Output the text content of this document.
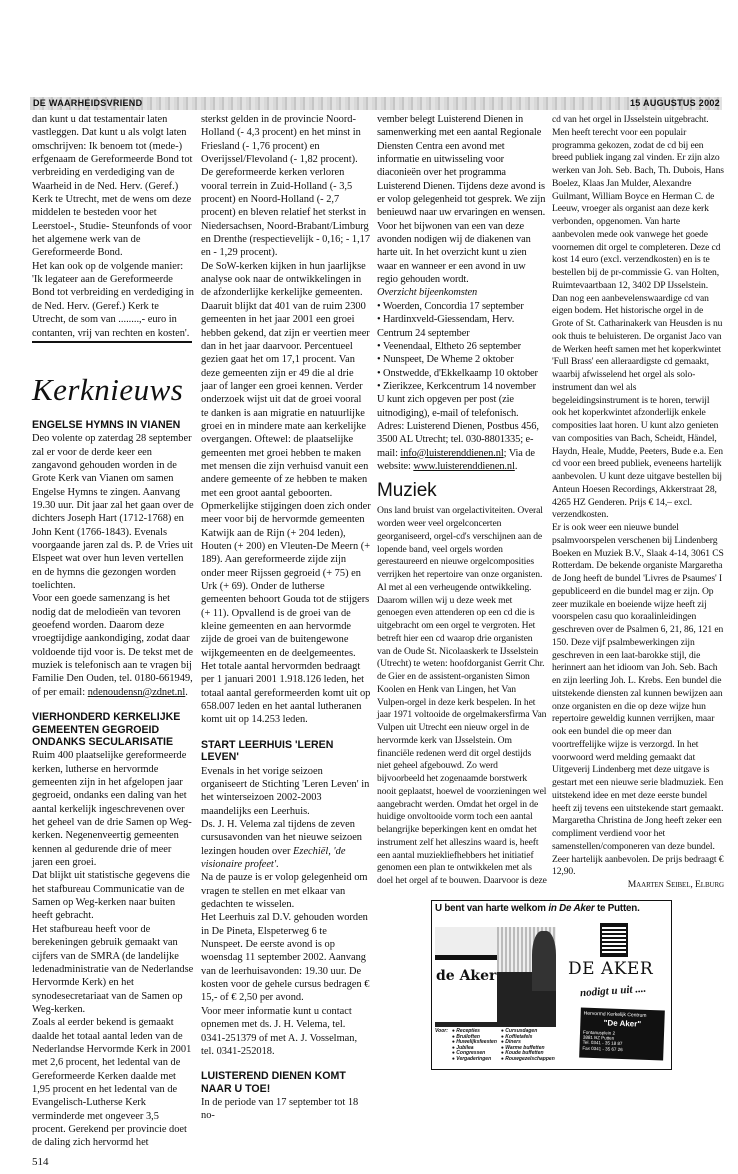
DE WAARHEIDSVRIEND	15 AUGUSTUS 2002

dan kunt u dat testamentair laten vastleggen. Dat kunt u als volgt laten omschrijven: Ik benoem tot (mede-) erfgenaam de Gereformeerde Bond tot verbreiding en verdediging van de Waarheid in de Ned. Herv. (Geref.) Kerk te Utrecht, met de wens om deze middelen te besteden voor het Leerstoel-, Studie- Steunfonds of voor het algemene werk van de Gereformeerde Bond.

Het kan ook op de volgende manier: 'Ik legateer aan de Gereformeerde Bond tot verbreiding en verdediging in de Ned. Herv. (Geref.) Kerk te Utrecht, de som van ........,- euro in contanten, vrij van rechten en kosten'.

Kerknieuws
ENGELSE HYMNS IN VIANEN

Deo volente op zaterdag 28 september zal er voor de derde keer een zangavond gehouden worden in de Grote Kerk van Vianen om samen Engelse Hymns te zingen. Aanvang 19.30 uur. Dit jaar zal het gaan over de dichters Joseph Hart (1712-1768) en John Kent (1766-1843). Evenals voorgaande jaren zal ds. P. de Vries uit Elspeet wat over hun leven vertellen en de hymns die gezongen worden toelichten.

Voor een goede samenzang is het nodig dat de melodieën van tevoren geoefend worden. Daarom deze vroegtijdige aankondiging, zodat daar voldoende tijd voor is. De tekst met de muziek is telefonisch aan te vragen bij Familie Den Ouden, tel. 0180-661949, of per email: ndenoudensn@zdnet.nl.

VIERHONDERD KERKELIJKE GEMEENTEN GEGROEID ONDANKS SECULARISATIE

Ruim 400 plaatselijke gereformeerde kerken, lutherse en hervormde gemeenten zijn in het afgelopen jaar gegroeid, ondanks een daling van het aantal kerkelijk ingeschrevenen over het geheel van de drie Samen op Weg-kerken. Negenenveertig gemeenten kennen al gedurende drie of meer jaren een groei.

Dat blijkt uit statistische gegevens die het stafbureau Communicatie van de Samen op Weg-kerken naar buiten heeft gebracht.

Het stafbureau heeft voor de berekeningen gebruik gemaakt van cijfers van de SMRA (de landelijke ledenadministratie van de Nederlandse Hervormde Kerk) en het synodesecretariaat van de Samen op Weg-kerken.

Zoals al eerder bekend is gemaakt daalde het totaal aantal leden van de Nederlandse Hervormde Kerk in 2001 met 2,6 procent, het ledental van de Gereformeerde Kerken daalde met 1,95 procent en het ledental van de Evangelisch-Lutherse Kerk verminderde met ongeveer 3,5 procent. Gerekend per provincie doet de daling zich hervormd het

sterkst gelden in de provincie Noord-Holland (- 4,3 procent) en het minst in Friesland (- 1,76 procent) en Overijssel/Flevoland (- 1,82 procent). De gereformeerde kerken verloren vooral terrein in Zuid-Holland (- 3,5 procent) en Noord-Holland (- 2,7 procent) en bleven relatief het sterkst in Niedersachsen, Noord-Brabant/Limburg en Drenthe (respectievelijk - 0,16; - 1,17 en - 1,29 procent).

De SoW-kerken kijken in hun jaarlijkse analyse ook naar de ontwikkelingen in de afzonderlijke kerkelijke gemeenten. Daaruit blijkt dat 401 van de ruim 2300 gemeenten in het jaar 2001 een groei hebben gekend, dat zijn er veertien meer dan in het jaar daarvoor. Percentueel gezien gaat het om 17,1 procent. Van deze gemeenten zijn er 49 die al drie jaar of langer een groei kennen. Verder onderzoek wijst uit dat de groei vooral te danken is aan migratie en natuurlijke groei en in mindere mate aan kerkelijke overgangen. Oftewel: de plaatselijke gemeenten met groei hebben te maken met mensen die zijn verhuisd vanuit een andere gemeente of ze hebben te maken met een groot aantal geboorten.

Opmerkelijke stijgingen doen zich onder meer voor bij de hervormde gemeenten Katwijk aan de Rijn (+ 204 leden), Houten (+ 200) en Vleuten-De Meern (+ 189). Aan gereformeerde zijde zijn onder meer Rijssen gegroeid (+ 75) en Urk (+ 69). Onder de lutherse gemeenten behoort Gouda tot de stijgers (+ 11). Opvallend is de groei van de kleine gemeenten en aan hervormde zijde de groei van de buitengewone wijkgemeenten en de deelgemeentes.

Het totale aantal hervormden bedraagt per 1 januari 2001 1.918.126 leden, het totaal aantal gereformeerden komt uit op 658.007 leden en het aantal lutheranen komt uit op 14.253 leden.

START LEERHUIS 'LEREN LEVEN'

Evenals in het vorige seizoen organiseert de Stichting 'Leren Leven' in het winterseizoen 2002-2003 maandelijks een Leerhuis.

Ds. J. H. Velema zal tijdens de zeven cursusavonden van het nieuwe seizoen lezingen houden over Ezechiël, 'de visionaire profeet'.

Na de pauze is er volop gelegenheid om vragen te stellen en met elkaar van gedachten te wisselen.

Het Leerhuis zal D.V. gehouden worden in De Pineta, Elspeterweg 6 te Nunspeet. De eerste avond is op woensdag 11 september 2002. Aanvang van de leerhuisavonden: 19.30 uur. De kosten voor de gehele cursus bedragen € 15,- of € 2,50 per avond.

Voor meer informatie kunt u contact opnemen met ds. J. H. Velema, tel. 0341-251379 of met A. J. Vosselman, tel. 0341-252018.

LUISTEREND DIENEN KOMT NAAR U TOE!

In de periode van 17 september tot 18 no-

vember belegt Luisterend Dienen in samenwerking met een aantal Regionale Diensten Centra een avond met informatie en uitwisseling voor diaconieën over het programma Luisterend Dienen. Tijdens deze avond is er volop gelegenheid tot gesprek. We zijn benieuwd naar uw ervaringen en wensen.

Voor het bijwonen van een van deze avonden nodigen wij de diakenen van harte uit. In het overzicht kunt u zien waar en wanneer er een avond in uw regio gehouden wordt.

Overzicht bijeenkomsten

• Woerden, Concordia 17 september

• Hardinxveld-Giessendam, Herv. Centrum 24 september

• Veenendaal, Eltheto 26 september

• Nunspeet, De Wheme 2 oktober

• Onstwedde, d'Ekkelkaamp 10 oktober

• Zierikzee, Kerkcentrum 14 november

U kunt zich opgeven per post (zie uitnodiging), e-mail of telefonisch. Adres: Luisterend Dienen, Postbus 456, 3500 AL Utrecht; tel. 030-8801335; e-mail: info@luisterenddienen.nl; Via de website: www.luisterenddienen.nl.

Muziek

Ons land bruist van orgelactiviteiten. Overal worden weer veel orgelconcerten georganiseerd, orgel-cd's verschijnen aan de lopende band, veel orgels worden gerestaureerd en nieuwe orgelcomposities verrijken het repertoire van onze organisten. Al met al een verheugende ontwikkeling.

Daarom willen wij u deze week met genoegen even attenderen op een cd die is uitgebracht om een orgel te vergroten. Het betreft hier een cd waarop drie organisten van de Oude St. Nicolaaskerk te IJsselstein (Utrecht) te weten: hoofdorganist Gerrit Chr. de Gier en de assistent-organisten Simon Koolen en Henk van Lingen, het Van Vulpen-orgel in deze kerk bespelen. In het jaar 1971 voltooide de orgelmakersfirma Van Vulpen uit Utrecht een nieuw orgel in de hervormde kerk van IJsselstein. Om financiële redenen werd dit orgel destijds niet geheel afgebouwd. Zo werd bijvoorbeeld het zogenaamde borstwerk nooit geplaatst, hoewel de voorzieningen wel aangebracht werden. Omdat het orgel in de huidige onvoltooide vorm toch een aantal belangrijke beperkingen kent en omdat het instrument zelf het alleszins waard is, heeft een aantal muziekliefhebbers het initiatief genomen een plan te ontwikkelen met als doel het orgel af te bouwen. Daarvoor is deze

cd van het orgel in IJsselstein uitgebracht. Men heeft terecht voor een populair programma gekozen, zodat de cd bij een breed publiek ingang zal vinden. Er zijn alzo werken van Joh. Seb. Bach, Th. Dubois, Hans Boelez, Klaas Jan Mulder, Alexandre Guilmant, William Boyce en Herman C. de Leeuw, vroeger als organist aan deze kerk verbonden, opgenomen. Van harte aanbevolen mede ook vanwege het goede voornemen dit orgel te completeren. Deze cd kost 14 euro (excl. verzendkosten) en is te bestellen bij de pr-commissie G. van Holten, Ruimtevaartbaan 12, 3402 DP IJsselstein.

Dan nog een aanbevelenswaardige cd van eigen bodem. Het historische orgel in de Grote of St. Catharinakerk van Heusden is nu ook thuis te beluisteren. De organist Jaco van de Werken heeft samen met het koperkwintet 'Full Brass' een alleraardigste cd gemaakt, waarbij afwisselend het orgel als solo-instrument dan wel als begeleidingsinstrument is te horen, terwijl ook het koperkwintet afzonderlijk enkele composities laat horen. U kunt alzo genieten van composities van Bach, Scheidt, Händel, Haydn, Heale, Mudde, Peeters, Bude e.a. Een cd voor een breed publiek, eveneens hartelijk aanbevolen. U kunt deze uitgave bestellen bij Anteun Hoesen Recordings, Akkerstraat 28, 4265 HZ Genderen. Prijs € 14,– excl. verzendkosten.

Er is ook weer een nieuwe bundel psalmvoorspelen verschenen bij Lindenberg Boeken en Muziek B.V., Slaak 4-14, 3061 CS Rotterdam. De bekende organiste Margaretha de Jong heeft de bundel 'Livres de Psaumes' I gepubliceerd en die bundel mag er zijn. Op zeer muzikale en boeiende wijze heeft zij voorspelen casu quo koraalinleidingen geschreven over de Psalmen 6, 21, 86, 121 en 150. Deze vijf psalmbewerkingen zijn geschreven in een laat-barokke stijl, die herinnert aan het idioom van Joh. Seb. Bach en zijn leerling Joh. L. Krebs. Een bundel die uitstekende diensten zal kunnen bewijzen aan onze organisten en die op deze wijze hun repertoire geweldig kunnen verrijken, maar ook een bundel die op meer dan voortreffelijke wijze is verzorgd. In het voorwoord werd melding gemaakt dat Uitgeverij Lindenberg met deze uitgave is gestart met een nieuwe serie bladmuziek. Een uitstekend idee en met deze eerste bundel heeft zij tevens een uitstekende start gemaakt. Margaretha Christina de Jong heeft zeker een compliment verdiend voor het samenstellen/componeren van deze bundel. Zeer hartelijk aanbevolen. De prijs bedraagt € 12,90.

Maarten Seibel, Elburg

U bent van harte welkom in De Aker te Putten.
de Aker	DE AKER
nodigt u uit ....
Hervormd Kerkelijk Centrum
"De Aker"
Fontanusplein 2
3881 BZ Putten
Tel. 0341 - 35 18 87
Fax 0341 - 35 67 26
Voor:	● Recepties
● Bruiloften
● Huwelijksfeesten
● Jubilea
● Congressen
● Vergaderingen
● Cursusdagen
● Koffietafels
● Diners
● Warme buffetten
● Koude buffetten
● Rouwgezelschappen
514
